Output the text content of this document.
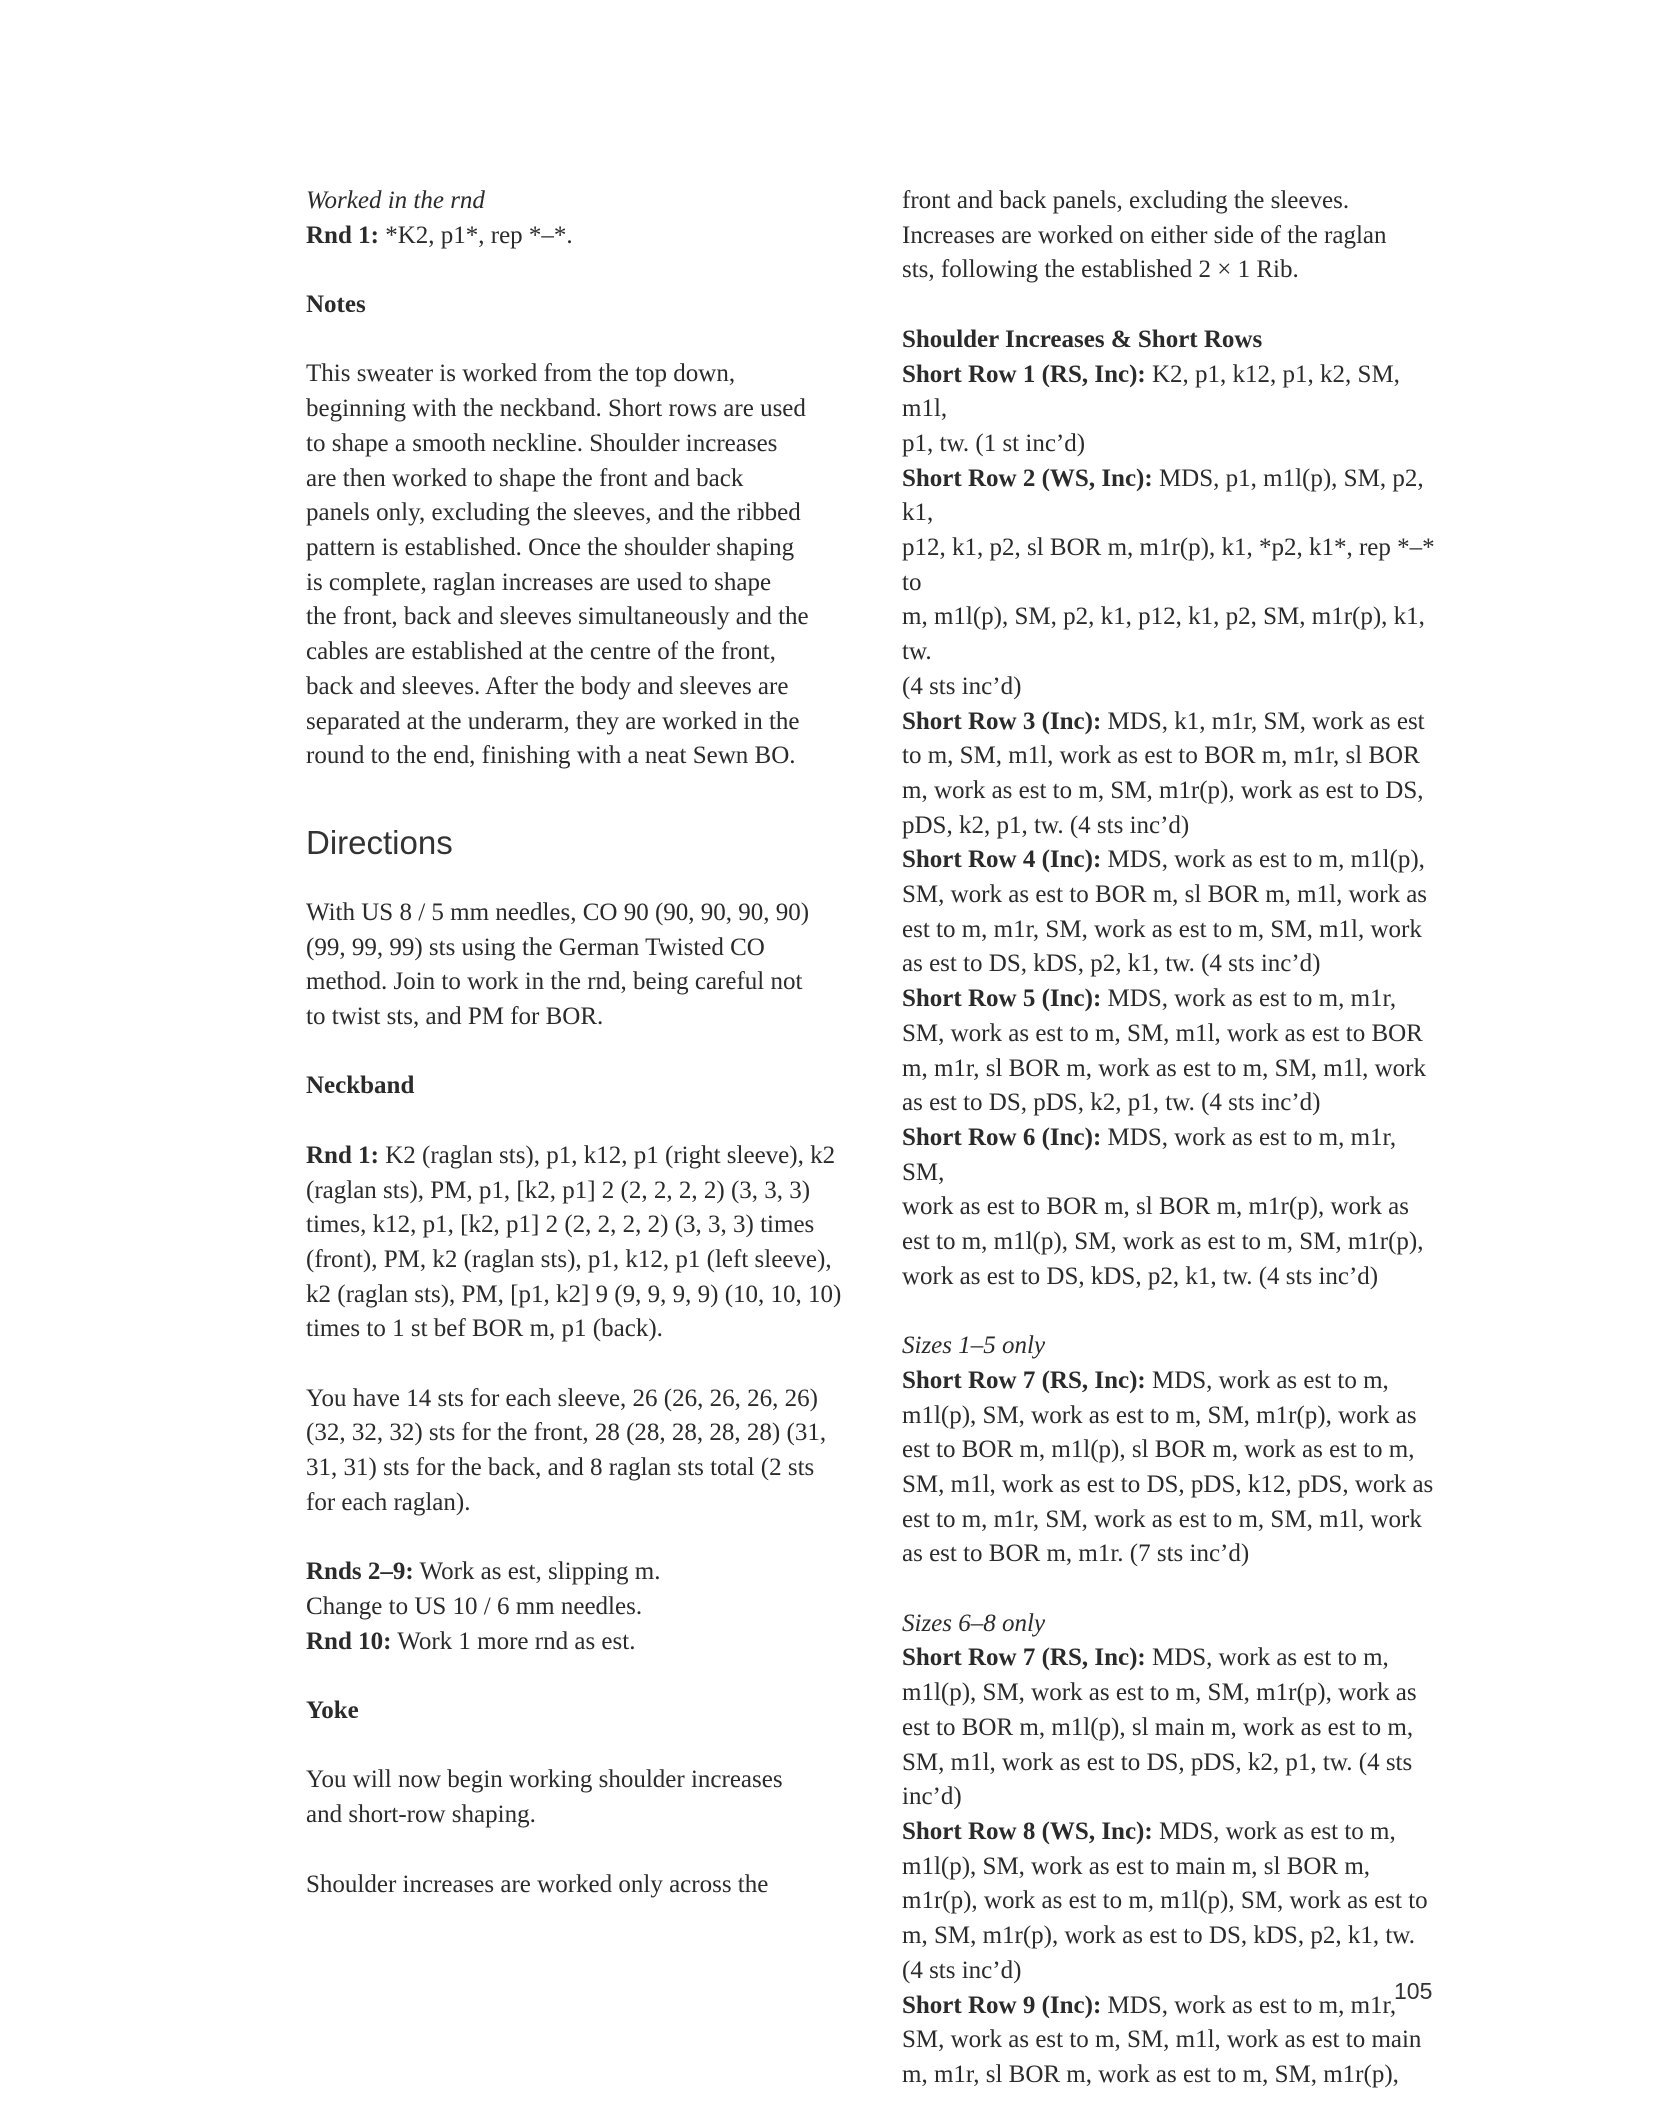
Worked in the rnd

Rnd 1: *K2, p1*, rep *–*.

Notes

This sweater is worked from the top down,

beginning with the neckband. Short rows are used

to shape a smooth neckline. Shoulder increases

are then worked to shape the front and back

panels only, excluding the sleeves, and the ribbed

pattern is established. Once the shoulder shaping

is complete, raglan increases are used to shape

the front, back and sleeves simultaneously and the

cables are established at the centre of the front,

back and sleeves. After the body and sleeves are

separated at the underarm, they are worked in the

round to the end, finishing with a neat Sewn BO.

Directions

With US 8 / 5 mm needles, CO 90 (90, 90, 90, 90)

(99, 99, 99) sts using the German Twisted CO

method. Join to work in the rnd, being careful not

to twist sts, and PM for BOR.

Neckband

Rnd 1: K2 (raglan sts), p1, k12, p1 (right sleeve), k2

(raglan sts), PM, p1, [k2, p1] 2 (2, 2, 2, 2) (3, 3, 3)

times, k12, p1, [k2, p1] 2 (2, 2, 2, 2) (3, 3, 3) times

(front), PM, k2 (raglan sts), p1, k12, p1 (left sleeve),

k2 (raglan sts), PM, [p1, k2] 9 (9, 9, 9, 9) (10, 10, 10)

times to 1 st bef BOR m, p1 (back).

You have 14 sts for each sleeve, 26 (26, 26, 26, 26)

(32, 32, 32) sts for the front, 28 (28, 28, 28, 28) (31,

31, 31) sts for the back, and 8 raglan sts total (2 sts

for each raglan).

Rnds 2–9: Work as est, slipping m.

Change to US 10 / 6 mm needles.

Rnd 10: Work 1 more rnd as est.

Yoke

You will now begin working shoulder increases

and short-row shaping.

Shoulder increases are worked only across the

front and back panels, excluding the sleeves.

Increases are worked on either side of the raglan

sts, following the established 2 × 1 Rib.

Shoulder Increases & Short Rows

Short Row 1 (RS, Inc): K2, p1, k12, p1, k2, SM, m1l,

p1, tw. (1 st inc’d)

Short Row 2 (WS, Inc): MDS, p1, m1l(p), SM, p2, k1,

p12, k1, p2, sl BOR m, m1r(p), k1, *p2, k1*, rep *–* to

m, m1l(p), SM, p2, k1, p12, k1, p2, SM, m1r(p), k1, tw.

(4 sts inc’d)

Short Row 3 (Inc): MDS, k1, m1r, SM, work as est

to m, SM, m1l, work as est to BOR m, m1r, sl BOR

m, work as est to m, SM, m1r(p), work as est to DS,

pDS, k2, p1, tw. (4 sts inc’d)

Short Row 4 (Inc): MDS, work as est to m, m1l(p),

SM, work as est to BOR m, sl BOR m, m1l, work as

est to m, m1r, SM, work as est to m, SM, m1l, work

as est to DS, kDS, p2, k1, tw. (4 sts inc’d)

Short Row 5 (Inc): MDS, work as est to m, m1r,

SM, work as est to m, SM, m1l, work as est to BOR

m, m1r, sl BOR m, work as est to m, SM, m1l, work

as est to DS, pDS, k2, p1, tw. (4 sts inc’d)

Short Row 6 (Inc): MDS, work as est to m, m1r, SM,

work as est to BOR m, sl BOR m, m1r(p), work as

est to m, m1l(p), SM, work as est to m, SM, m1r(p),

work as est to DS, kDS, p2, k1, tw. (4 sts inc’d)

Sizes 1–5 only

Short Row 7 (RS, Inc): MDS, work as est to m,

m1l(p), SM, work as est to m, SM, m1r(p), work as

est to BOR m, m1l(p), sl BOR m, work as est to m,

SM, m1l, work as est to DS, pDS, k12, pDS, work as

est to m, m1r, SM, work as est to m, SM, m1l, work

as est to BOR m, m1r. (7 sts inc’d)

Sizes 6–8 only

Short Row 7 (RS, Inc): MDS, work as est to m,

m1l(p), SM, work as est to m, SM, m1r(p), work as

est to BOR m, m1l(p), sl main m, work as est to m,

SM, m1l, work as est to DS, pDS, k2, p1, tw. (4 sts

inc’d)

Short Row 8 (WS, Inc): MDS, work as est to m,

m1l(p), SM, work as est to main m, sl BOR m,

m1r(p), work as est to m, m1l(p), SM, work as est to

m, SM, m1r(p), work as est to DS, kDS, p2, k1, tw.

(4 sts inc’d)

Short Row 9 (Inc): MDS, work as est to m, m1r,

SM, work as est to m, SM, m1l, work as est to main

m, m1r, sl BOR m, work as est to m, SM, m1r(p),

105
